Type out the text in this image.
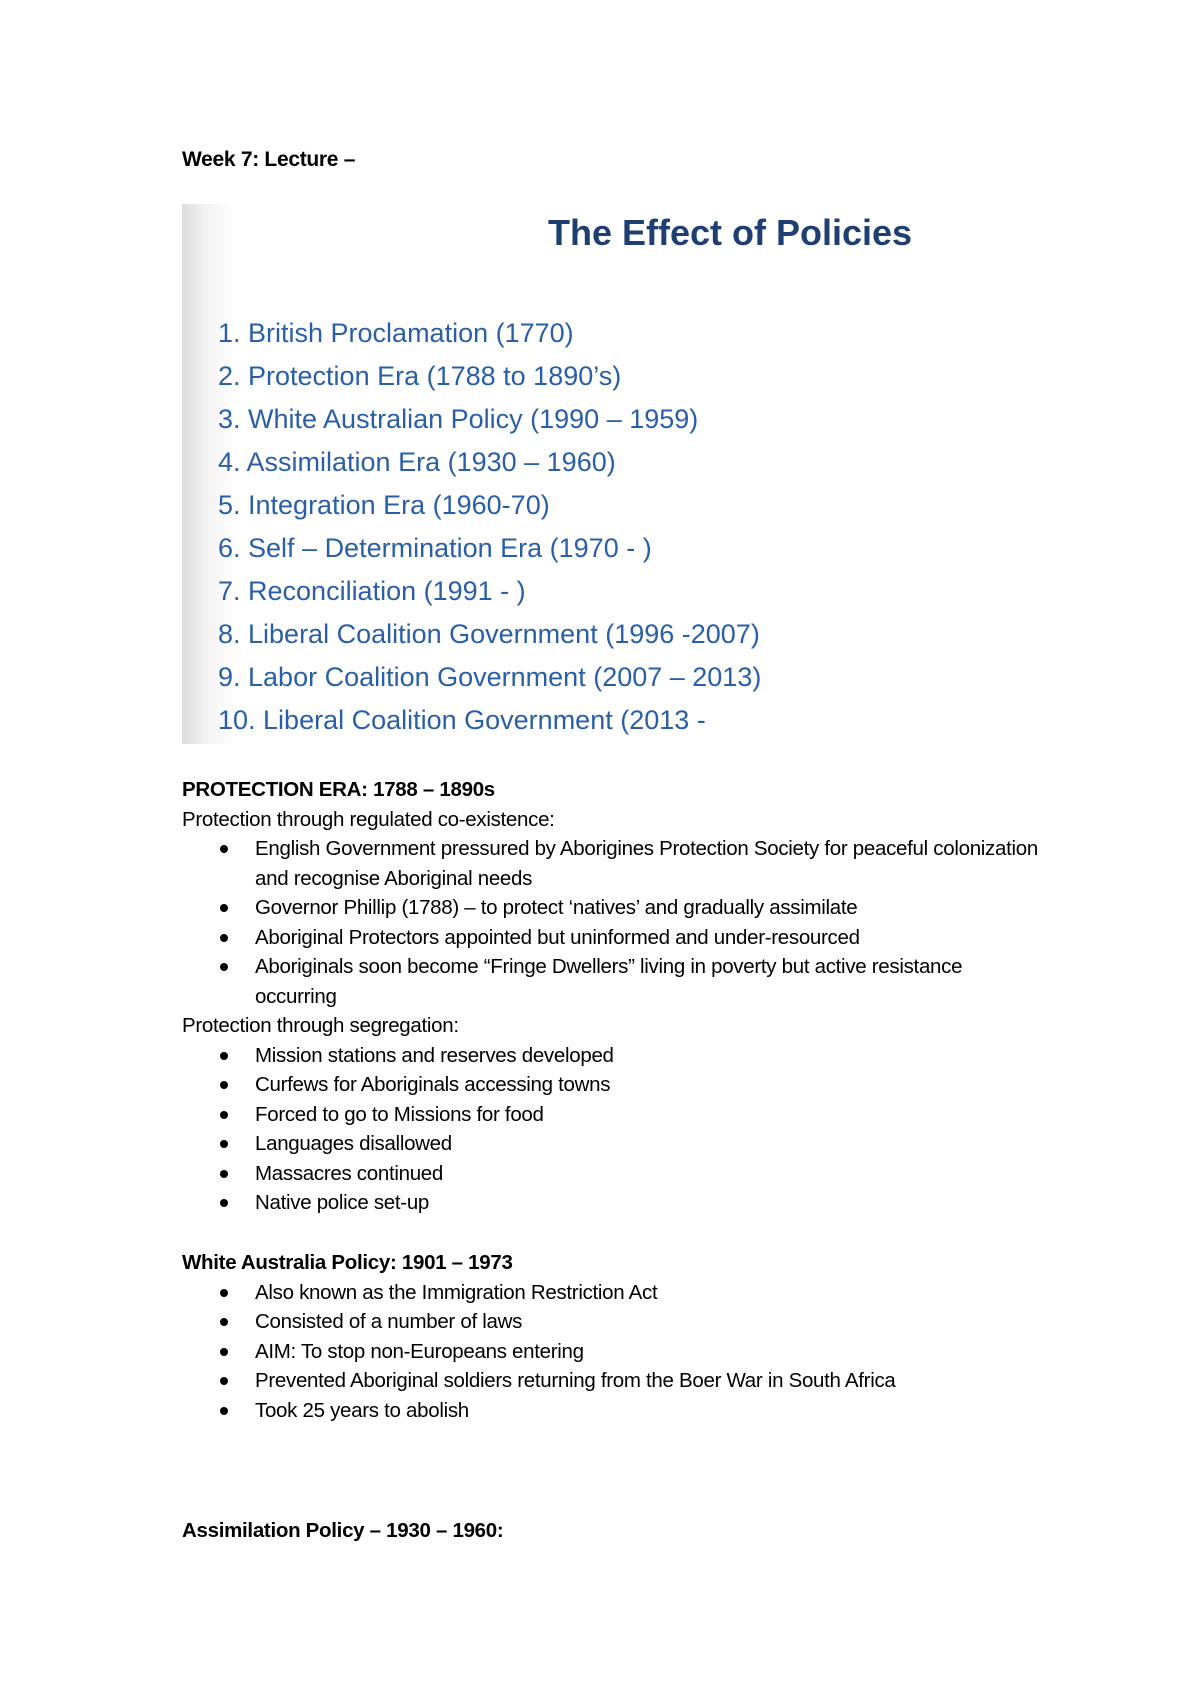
Week 7: Lecture –
The Effect of Policies
1. British Proclamation (1770)
2. Protection Era (1788 to 1890’s)
3. White Australian Policy (1990 – 1959)
4. Assimilation Era (1930 – 1960)
5. Integration Era (1960-70)
6. Self – Determination Era (1970 - )
7. Reconciliation (1991 - )
8. Liberal Coalition Government (1996 -2007)
9. Labor Coalition Government (2007 – 2013)
10. Liberal Coalition Government (2013 -
PROTECTION ERA: 1788 – 1890s
Protection through regulated co-existence:
English Government pressured by Aborigines Protection Society for peaceful colonization and recognise Aboriginal needs
Governor Phillip (1788) – to protect ‘natives’ and gradually assimilate
Aboriginal Protectors appointed but uninformed and under-resourced
Aboriginals soon become “Fringe Dwellers” living in poverty but active resistance occurring
Protection through segregation:
Mission stations and reserves developed
Curfews for Aboriginals accessing towns
Forced to go to Missions for food
Languages disallowed
Massacres continued
Native police set-up
White Australia Policy: 1901 – 1973
Also known as the Immigration Restriction Act
Consisted of a number of laws
AIM: To stop non-Europeans entering
Prevented Aboriginal soldiers returning from the Boer War in South Africa
Took 25 years to abolish
Assimilation Policy – 1930 – 1960:
